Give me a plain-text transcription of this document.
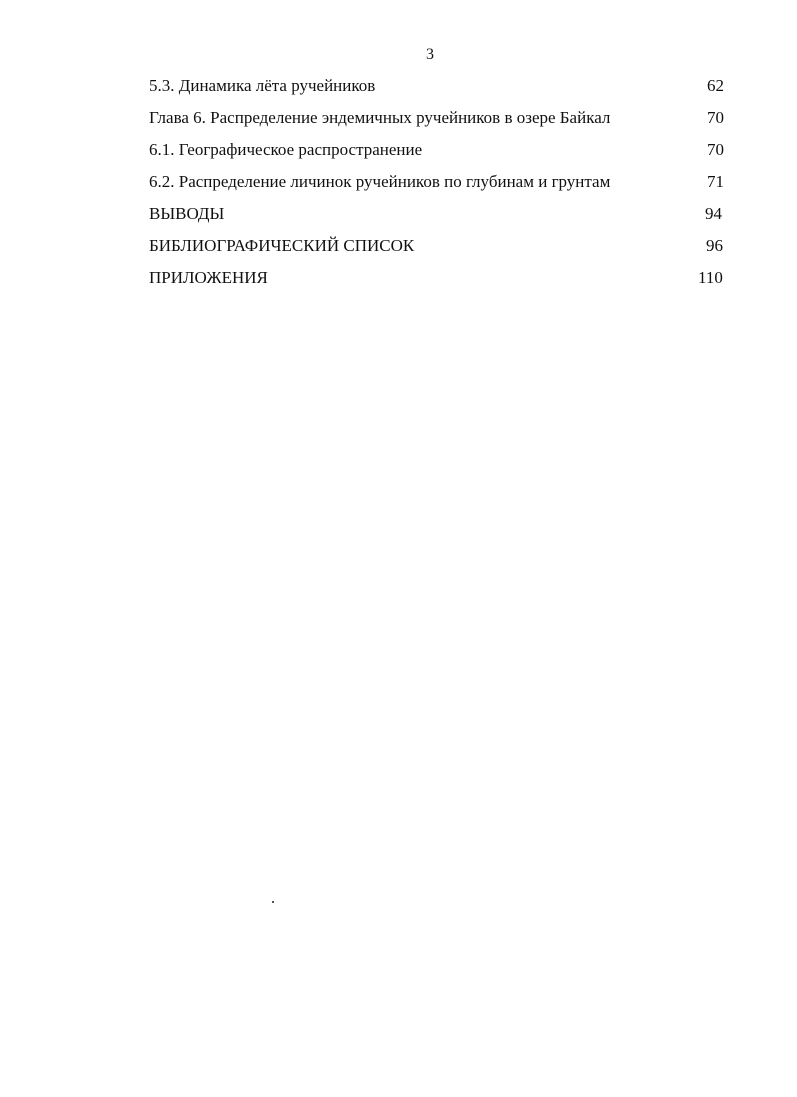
3
5.3. Динамика лёта ручейников	62
Глава 6. Распределение эндемичных ручейников в озере Байкал	70
6.1. Географическое распространение	70
6.2. Распределение личинок ручейников по глубинам и грунтам	71
ВЫВОДЫ	94
БИБЛИОГРАФИЧЕСКИЙ СПИСОК	96
ПРИЛОЖЕНИЯ	110
